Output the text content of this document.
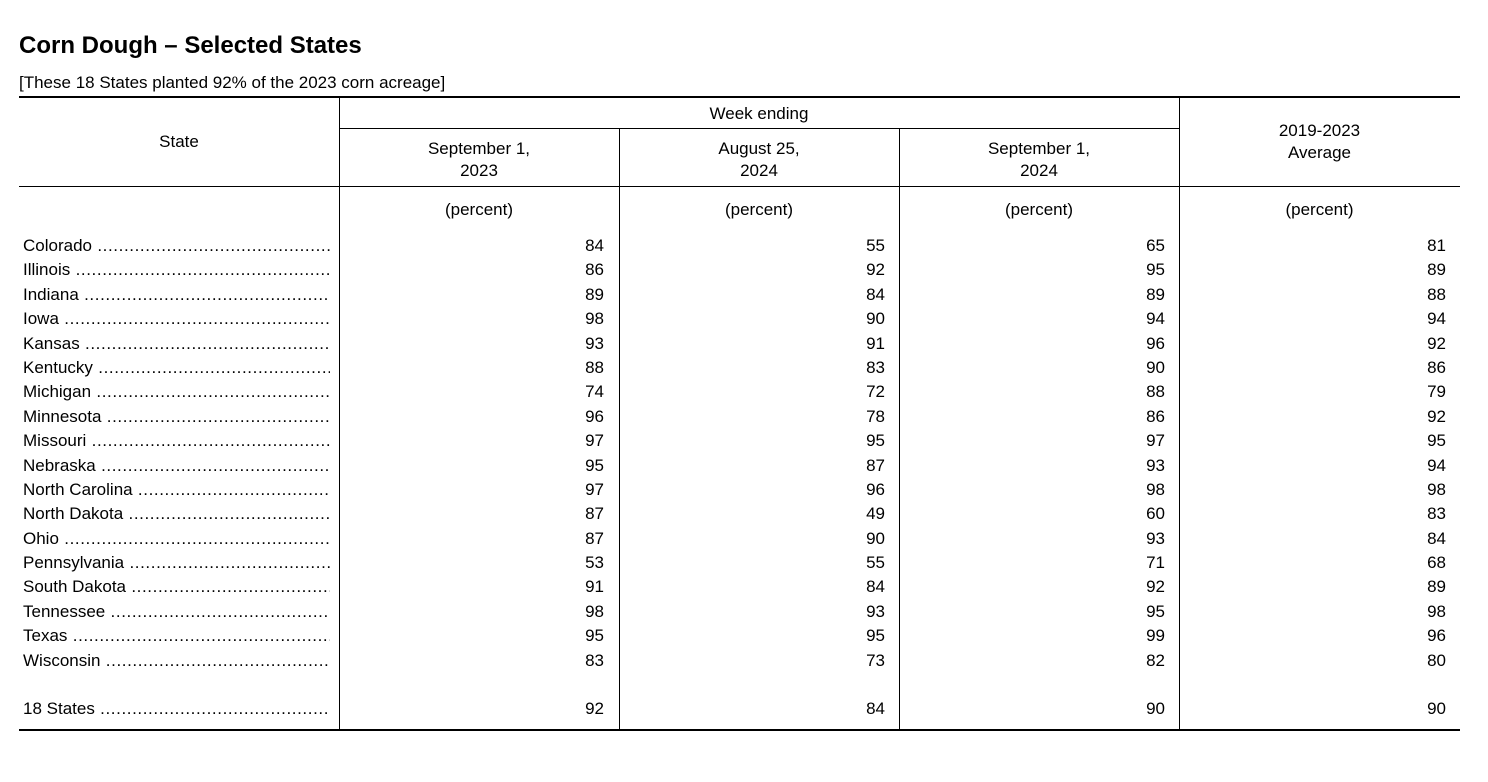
Corn Dough – Selected States
[These 18 States planted 92% of the 2023 corn acreage]
State
Week ending
September 1,
2023
August 25,
2024
September 1,
2024
2019-2023
Average
(percent)	(percent)	(percent)	(percent)
Colorado .....	84	55	65	81
Illinois .....	86	92	95	89
Indiana .....	89	84	89	88
Iowa .....	98	90	94	94
Kansas .....	93	91	96	92
Kentucky .....	88	83	90	86
Michigan .....	74	72	88	79
Minnesota .....	96	78	86	92
Missouri .....	97	95	97	95
Nebraska .....	95	87	93	94
North Carolina .....	97	96	98	98
North Dakota .....	87	49	60	83
Ohio .....	87	90	93	84
Pennsylvania .....	53	55	71	68
South Dakota .....	91	84	92	89
Tennessee .....	98	93	95	98
Texas .....	95	95	99	96
Wisconsin .....	83	73	82	80
18 States .....	92	84	90	90
